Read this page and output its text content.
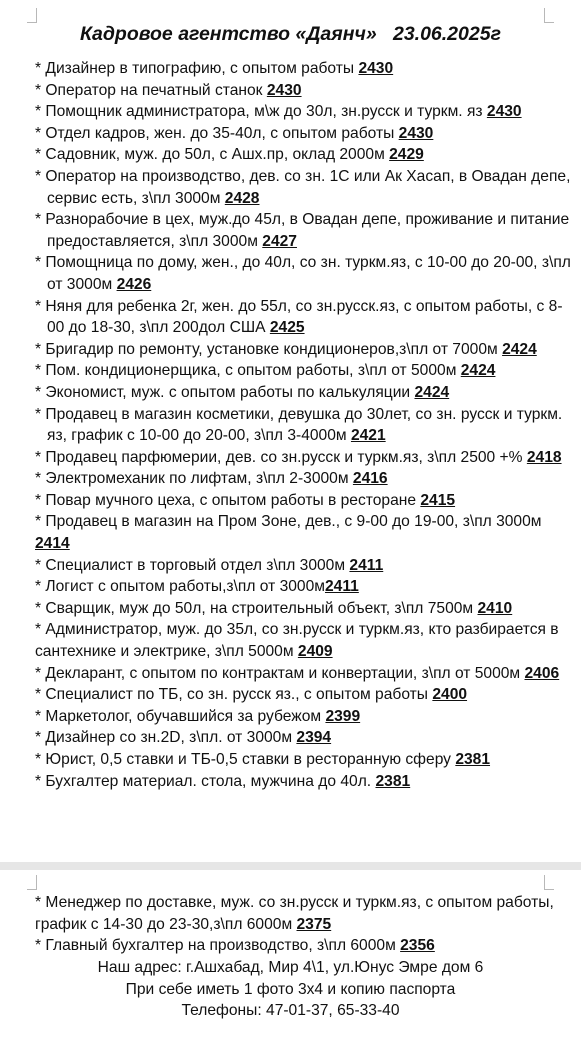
Кадровое агентство «Даянч»   23.06.2025г
* Дизайнер в типографию, с опытом работы 2430
* Оператор на печатный станок 2430
* Помощник администратора, м\ж до 30л, зн.русск и туркм. яз 2430
* Отдел кадров, жен. до 35-40л, с опытом работы 2430
* Садовник, муж. до 50л, с Ашх.пр, оклад 2000м 2429
* Оператор на производство, дев. со зн. 1С или Ак Хасап, в Овадан депе, сервис есть, з\пл 3000м 2428
* Разнорабочие в цех, муж.до 45л, в Овадан депе, проживание и питание предоставляется, з\пл 3000м 2427
* Помощница по дому, жен., до 40л, со зн. туркм.яз, с 10-00 до 20-00, з\пл от 3000м 2426
* Няня для ребенка 2г, жен. до 55л, со зн.русск.яз, с опытом работы, с 8-00 до 18-30, з\пл 200дол США 2425
* Бригадир по ремонту, установке кондиционеров,з\пл от 7000м 2424
* Пом. кондиционерщика, с опытом работы, з\пл от 5000м 2424
* Экономист, муж. с опытом работы по калькуляции 2424
* Продавец в магазин косметики, девушка до 30лет, со зн. русск и туркм. яз, график с 10-00 до 20-00, з\пл 3-4000м 2421
* Продавец парфюмерии, дев. со зн.русск и туркм.яз, з\пл 2500 +% 2418
* Электромеханик по лифтам, з\пл 2-3000м 2416
* Повар мучного цеха, с опытом работы в ресторане 2415
* Продавец в магазин на Пром Зоне, дев., с 9-00 до 19-00, з\пл 3000м 2414
* Специалист в торговый отдел з\пл 3000м 2411
* Логист с опытом работы,з\пл от 3000м2411
* Сварщик, муж до 50л, на строительный объект, з\пл 7500м 2410
* Администратор, муж. до 35л, со зн.русск и туркм.яз, кто разбирается в сантехнике и электрике, з\пл 5000м 2409
* Декларант, с опытом по контрактам и конвертации, з\пл от 5000м 2406
* Специалист по ТБ, со зн. русск яз., с опытом работы 2400
* Маркетолог, обучавшийся за рубежом 2399
* Дизайнер со зн.2D, з\пл. от 3000м 2394
* Юрист, 0,5 ставки и ТБ-0,5 ставки в ресторанную сферу 2381
* Бухгалтер материал. стола, мужчина до 40л. 2381
* Менеджер по доставке, муж. со зн.русск и туркм.яз, с опытом работы, график с 14-30 до 23-30,з\пл 6000м 2375
* Главный бухгалтер на производство, з\пл 6000м 2356
Наш адрес: г.Ашхабад, Мир 4\1, ул.Юнус Эмре дом 6
При себе иметь 1 фото 3х4 и копию паспорта
Телефоны: 47-01-37, 65-33-40
